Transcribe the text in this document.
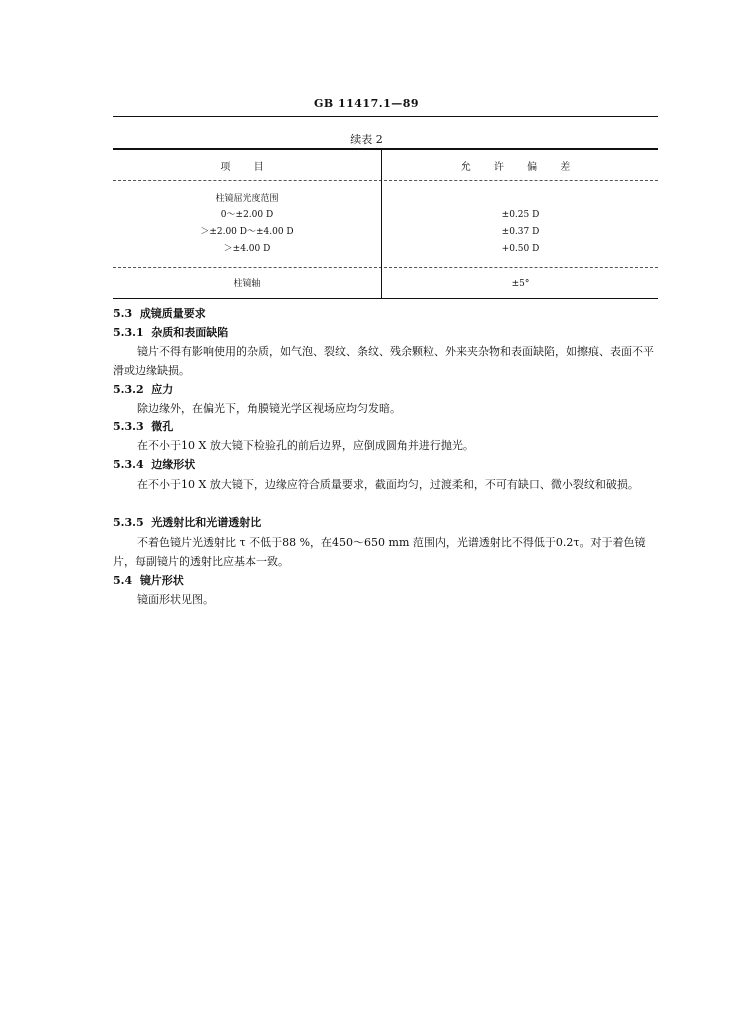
GB 11417.1—89
续表 2
项 目	允 许 偏 差
柱镜屈光度范围
0～±2.00 D	±0.25 D
＞±2.00 D～±4.00 D	±0.37 D
＞±4.00 D	+0.50 D
柱镜轴	±5°
5.3 成镜质量要求
5.3.1 杂质和表面缺陷
镜片不得有影响使用的杂质，如气泡、裂纹、条纹、残余颗粒、外来夹杂物和表面缺陷，如擦痕、表面不平滑或边缘缺损。
5.3.2 应力
除边缘外，在偏光下，角膜镜光学区视场应均匀发暗。
5.3.3 微孔
在不小于10 X 放大镜下检验孔的前后边界，应倒成圆角并进行抛光。
5.3.4 边缘形状
在不小于10 X 放大镜下，边缘应符合质量要求，截面均匀，过渡柔和，不可有缺口、微小裂纹和破损。
5.3.5 光透射比和光谱透射比
不着色镜片光透射比 τ 不低于88 %，在450～650 mm 范围内，光谱透射比不得低于0.2τ。对于着色镜片，每副镜片的透射比应基本一致。
5.4 镜片形状
镜面形状见图。
